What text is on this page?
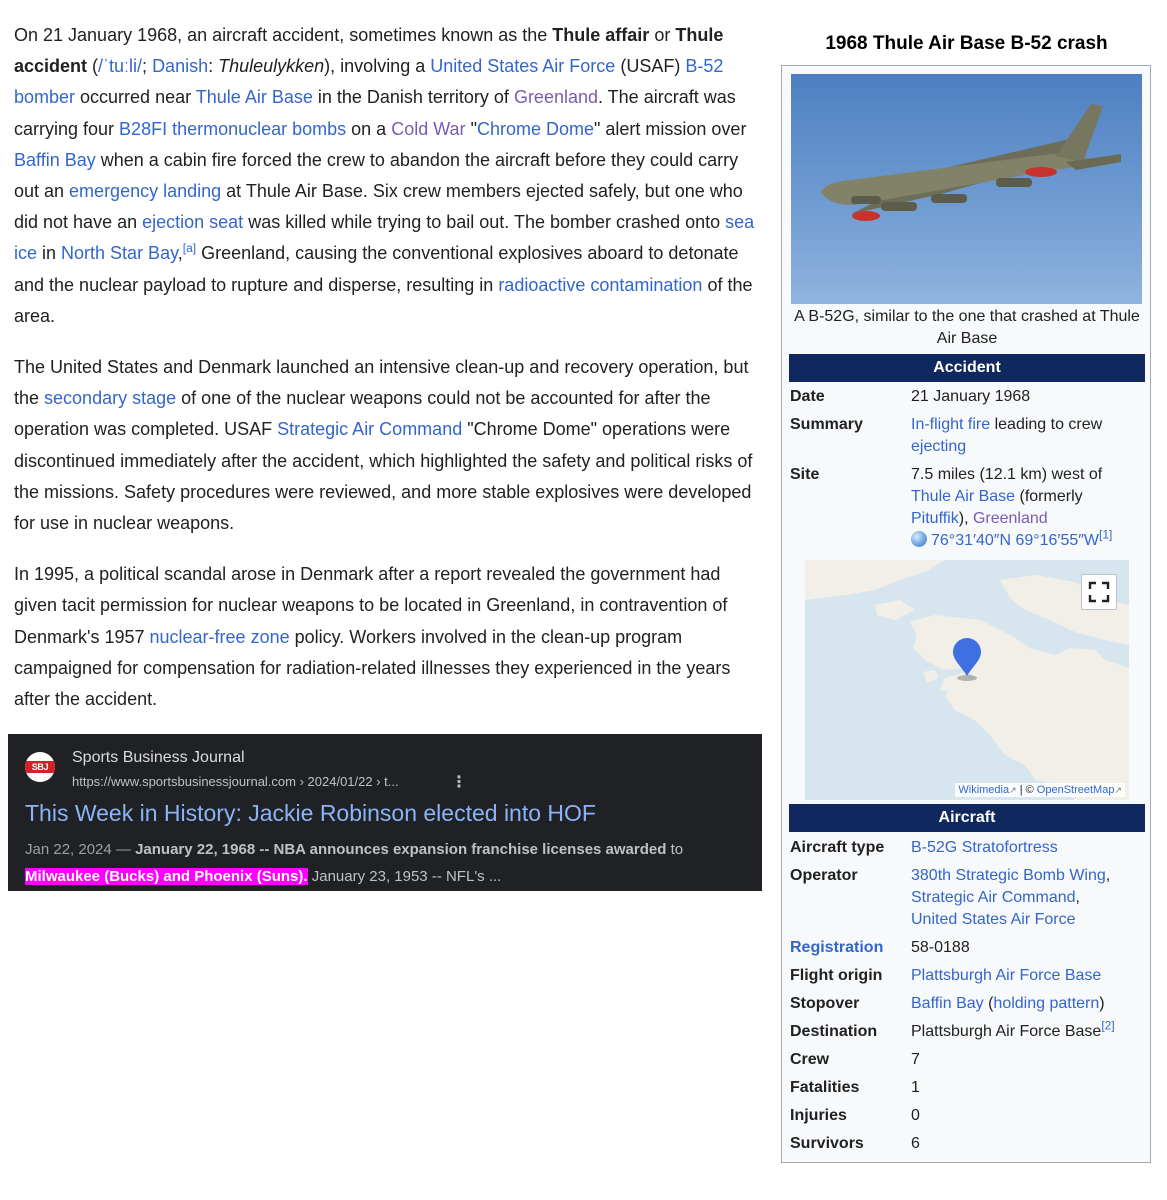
On 21 January 1968, an aircraft accident, sometimes known as the Thule affair or Thule accident (/ˈtuːli/; Danish: Thuleulykken), involving a United States Air Force (USAF) B-52 bomber occurred near Thule Air Base in the Danish territory of Greenland. The aircraft was carrying four B28FI thermonuclear bombs on a Cold War "Chrome Dome" alert mission over Baffin Bay when a cabin fire forced the crew to abandon the aircraft before they could carry out an emergency landing at Thule Air Base. Six crew members ejected safely, but one who did not have an ejection seat was killed while trying to bail out. The bomber crashed onto sea ice in North Star Bay,[a] Greenland, causing the conventional explosives aboard to detonate and the nuclear payload to rupture and disperse, resulting in radioactive contamination of the area.

The United States and Denmark launched an intensive clean-up and recovery operation, but the secondary stage of one of the nuclear weapons could not be accounted for after the operation was completed. USAF Strategic Air Command "Chrome Dome" operations were discontinued immediately after the accident, which highlighted the safety and political risks of the missions. Safety procedures were reviewed, and more stable explosives were developed for use in nuclear weapons.

In 1995, a political scandal arose in Denmark after a report revealed the government had given tacit permission for nuclear weapons to be located in Greenland, in contravention of Denmark's 1957 nuclear-free zone policy. Workers involved in the clean-up program campaigned for compensation for radiation-related illnesses they experienced in the years after the accident.

SBJ
Sports Business Journal
https://www.sportsbusinessjournal.com › 2024/01/22 › t...	⋮
This Week in History: Jackie Robinson elected into HOF
Jan 22, 2024 — January 22, 1968 -- NBA announces expansion franchise licenses awarded to Milwaukee (Bucks) and Phoenix (Suns). January 23, 1953 -- NFL's ...
1968 Thule Air Base B-52 crash
A B-52G, similar to the one that crashed at Thule Air Base
Accident
Date	21 January 1968
Summary	In-flight fire leading to crew ejecting
Site	7.5 miles (12.1 km) west of Thule Air Base (formerly Pituffik), Greenland
76°31′40″N 69°16′55″W[1]
Wikimedia↗ | © OpenStreetMap↗
Aircraft
Aircraft type	B-52G Stratofortress
Operator	380th Strategic Bomb Wing,
Strategic Air Command,
United States Air Force
Registration	58-0188
Flight origin	Plattsburgh Air Force Base
Stopover	Baffin Bay (holding pattern)
Destination	Plattsburgh Air Force Base[2]
Crew	7
Fatalities	1
Injuries	0
Survivors	6
